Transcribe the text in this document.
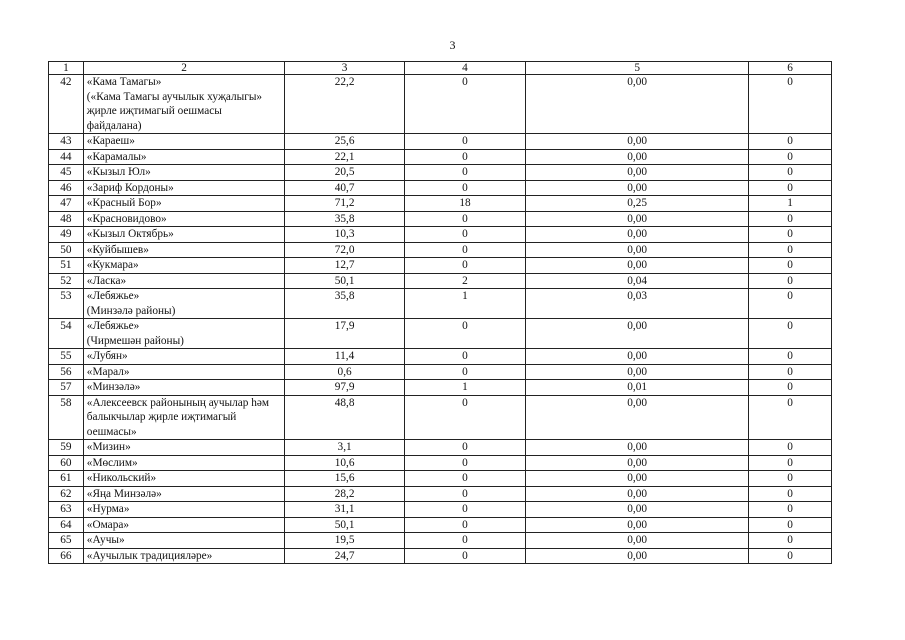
3
1	2	3	4	5	6
42	«Кама Тамагы»
(«Кама Тамагы аучылык хуҗалыгы»
җирле иҗтимагый оешмасы
файдалана)	22,2	0	0,00	0
43	«Караеш»	25,6	0	0,00	0
44	«Карамалы»	22,1	0	0,00	0
45	«Кызыл Юл»	20,5	0	0,00	0
46	«Зариф Кордоны»	40,7	0	0,00	0
47	«Красный Бор»	71,2	18	0,25	1
48	«Красновидово»	35,8	0	0,00	0
49	«Кызыл Октябрь»	10,3	0	0,00	0
50	«Куйбышев»	72,0	0	0,00	0
51	«Кукмара»	12,7	0	0,00	0
52	«Ласка»	50,1	2	0,04	0
53	«Лебяжье»
(Минзәлә районы)	35,8	1	0,03	0
54	«Лебяжье»
(Чирмешән районы)	17,9	0	0,00	0
55	«Лубян»	11,4	0	0,00	0
56	«Марал»	0,6	0	0,00	0
57	«Минзәлә»	97,9	1	0,01	0
58	«Алексеевск районының аучылар һәм
балыкчылар җирле иҗтимагый
оешмасы»	48,8	0	0,00	0
59	«Мизин»	3,1	0	0,00	0
60	«Мөслим»	10,6	0	0,00	0
61	«Никольский»	15,6	0	0,00	0
62	«Яңа Минзәлә»	28,2	0	0,00	0
63	«Нурма»	31,1	0	0,00	0
64	«Омара»	50,1	0	0,00	0
65	«Аучы»	19,5	0	0,00	0
66	«Аучылык традицияләре»	24,7	0	0,00	0
